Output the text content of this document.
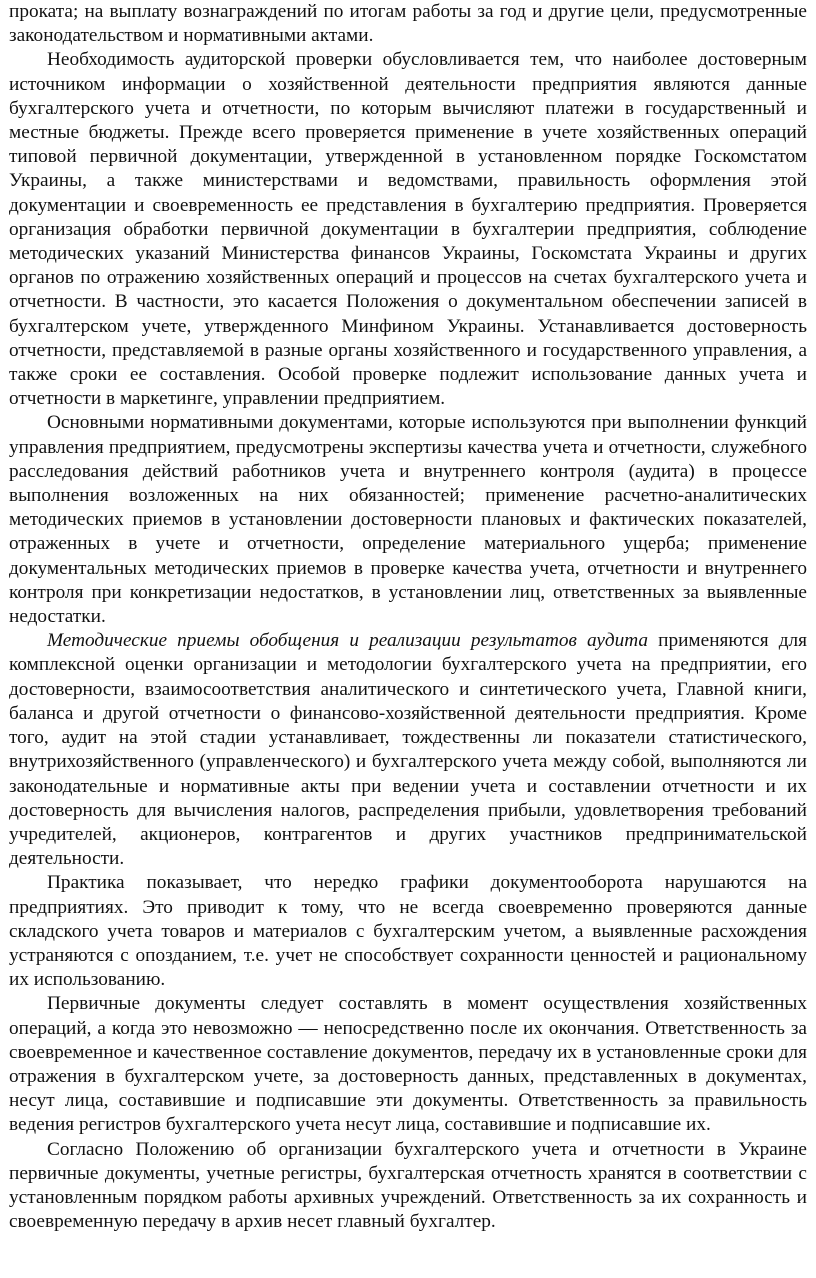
проката; на выплату вознаграждений по итогам работы за год и другие цели, предусмотренные законодательством и нормативными актами.

Необходимость аудиторской проверки обусловливается тем, что наиболее достоверным источником информации о хозяйственной деятельности предприятия являются данные бухгалтерского учета и отчетности, по которым вычисляют платежи в государственный и местные бюджеты. Прежде всего проверяется применение в учете хозяйственных операций типовой первичной документации, утвержденной в установленном порядке Госкомстатом Украины, а также министерствами и ведомствами, правильность оформления этой документации и своевременность ее представления в бухгалтерию предприятия. Проверяется организация обработки первичной документации в бухгалтерии предприятия, соблюдение методических указаний Министерства финансов Украины, Госкомстата Украины и других органов по отражению хозяйственных операций и процессов на счетах бухгалтерского учета и отчетности. В частности, это касается Положения о документальном обеспечении записей в бухгалтерском учете, утвержденного Минфином Украины. Устанавливается достоверность отчетности, представляемой в разные органы хозяйственного и государственного управления, а также сроки ее составления. Особой проверке подлежит использование данных учета и отчетности в маркетинге, управлении предприятием.

Основными нормативными документами, которые используются при выполнении функций управления предприятием, предусмотрены экспертизы качества учета и отчетности, служебного расследования действий работников учета и внутреннего контроля (аудита) в процессе выполнения возложенных на них обязанностей; применение расчетно-аналитических методических приемов в установлении достоверности плановых и фактических показателей, отраженных в учете и отчетности, определение материального ущерба; применение документальных методических приемов в проверке качества учета, отчетности и внутреннего контроля при конкретизации недостатков, в установлении лиц, ответственных за выявленные недостатки.

Методические приемы обобщения и реализации результатов аудита применяются для комплексной оценки организации и методологии бухгалтерского учета на предприятии, его достоверности, взаимосоответствия аналитического и синтетического учета, Главной книги, баланса и другой отчетности о финансово-хозяйственной деятельности предприятия. Кроме того, аудит на этой стадии устанавливает, тождественны ли показатели статистического, внутрихозяйственного (управленческого) и бухгалтерского учета между собой, выполняются ли законодательные и нормативные акты при ведении учета и составлении отчетности и их достоверность для вычисления налогов, распределения прибыли, удовлетворения требований учредителей, акционеров, контрагентов и других участников предпринимательской деятельности.

Практика показывает, что нередко графики документооборота нарушаются на предприятиях. Это приводит к тому, что не всегда своевременно проверяются данные складского учета товаров и материалов с бухгалтерским учетом, а выявленные расхождения устраняются с опозданием, т.е. учет не способствует сохранности ценностей и рациональному их использованию.

Первичные документы следует составлять в момент осуществления хозяйственных операций, а когда это невозможно — непосредственно после их окончания. Ответственность за своевременное и качественное составление документов, передачу их в установленные сроки для отражения в бухгалтерском учете, за достоверность данных, представленных в документах, несут лица, составившие и подписавшие эти документы. Ответственность за правильность ведения регистров бухгалтерского учета несут лица, составившие и подписавшие их.

Согласно Положению об организации бухгалтерского учета и отчетности в Украине первичные документы, учетные регистры, бухгалтерская отчетность хранятся в соответствии с установленным порядком работы архивных учреждений. Ответственность за их сохранность и своевременную передачу в архив несет главный бухгалтер.
